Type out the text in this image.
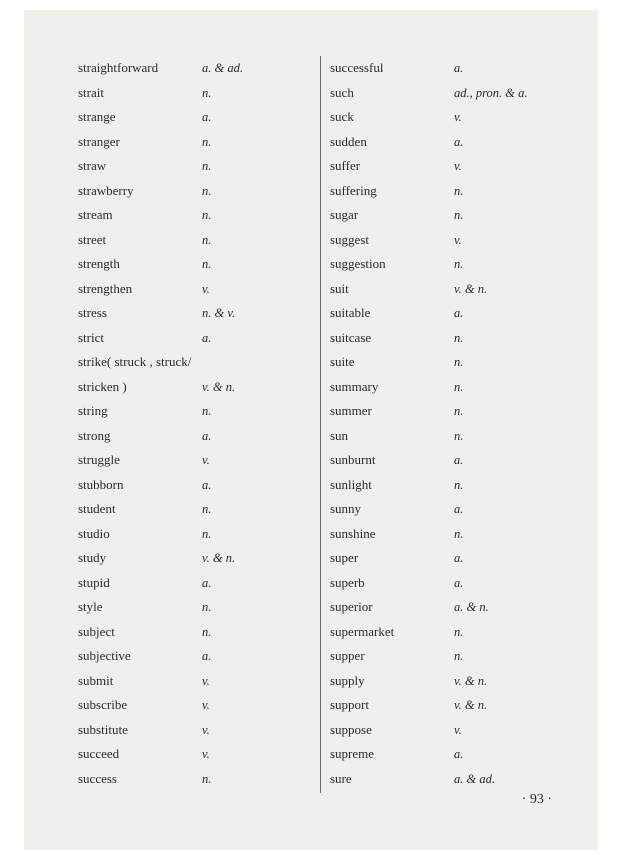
straightforward	a. & ad.
strait	n.
strange	a.
stranger	n.
straw	n.
strawberry	n.
stream	n.
street	n.
strength	n.
strengthen	v.
stress	n. & v.
strict	a.
strike( struck , struck/
stricken )	v. & n.
string	n.
strong	a.
struggle	v.
stubborn	a.
student	n.
studio	n.
study	v. & n.
stupid	a.
style	n.
subject	n.
subjective	a.
submit	v.
subscribe	v.
substitute	v.
succeed	v.
success	n.
successful	a.
such	ad., pron. & a.
suck	v.
sudden	a.
suffer	v.
suffering	n.
sugar	n.
suggest	v.
suggestion	n.
suit	v. & n.
suitable	a.
suitcase	n.
suite	n.
summary	n.
summer	n.
sun	n.
sunburnt	a.
sunlight	n.
sunny	a.
sunshine	n.
super	a.
superb	a.
superior	a. & n.
supermarket	n.
supper	n.
supply	v. & n.
support	v. & n.
suppose	v.
supreme	a.
sure	a. & ad.
· 93 ·
